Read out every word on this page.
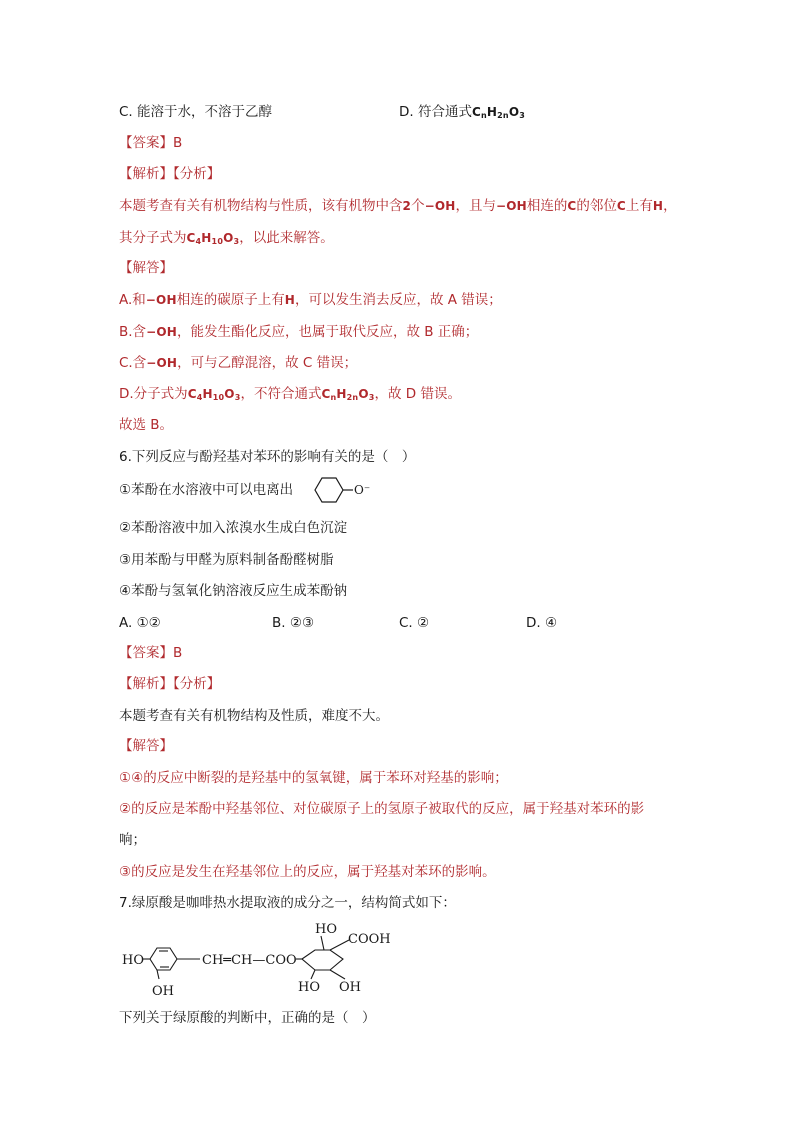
C. 能溶于水，不溶于乙醇	D. 符合通式CnH2nO3
【答案】B
【解析】【分析】
本题考查有关有机物结构与性质，该有机物中含2个−OH，且与−OH相连的C的邻位C上有H，
其分子式为C4H10O3，以此来解答。
【解答】
A.和−OH相连的碳原子上有H，可以发生消去反应，故 A 错误；
B.含−OH，能发生酯化反应，也属于取代反应，故 B 正确；
C.含−OH，可与乙醇混溶，故 C 错误；
D.分子式为C4H10O3，不符合通式CnH2nO3，故 D 错误。
故选 B。
6.下列反应与酚羟基对苯环的影响有关的是（　）
①苯酚在水溶液中可以电离出	O⁻
②苯酚溶液中加入浓溴水生成白色沉淀
③用苯酚与甲醛为原料制备酚醛树脂
④苯酚与氢氧化钠溶液反应生成苯酚钠
A. ①②	B. ②③	C. ②	D. ④
【答案】B
【解析】【分析】
本题考查有关有机物结构及性质，难度不大。
【解答】
①④的反应中断裂的是羟基中的氢氧键，属于苯环对羟基的影响；
②的反应是苯酚中羟基邻位、对位碳原子上的氢原子被取代的反应，属于羟基对苯环的影
响；
③的反应是发生在羟基邻位上的反应，属于羟基对苯环的影响。
7.绿原酸是咖啡热水提取液的成分之一，结构简式如下：
HO
OH
CH═CH—COO
HO
COOH
HO OH
下列关于绿原酸的判断中，正确的是（　）
